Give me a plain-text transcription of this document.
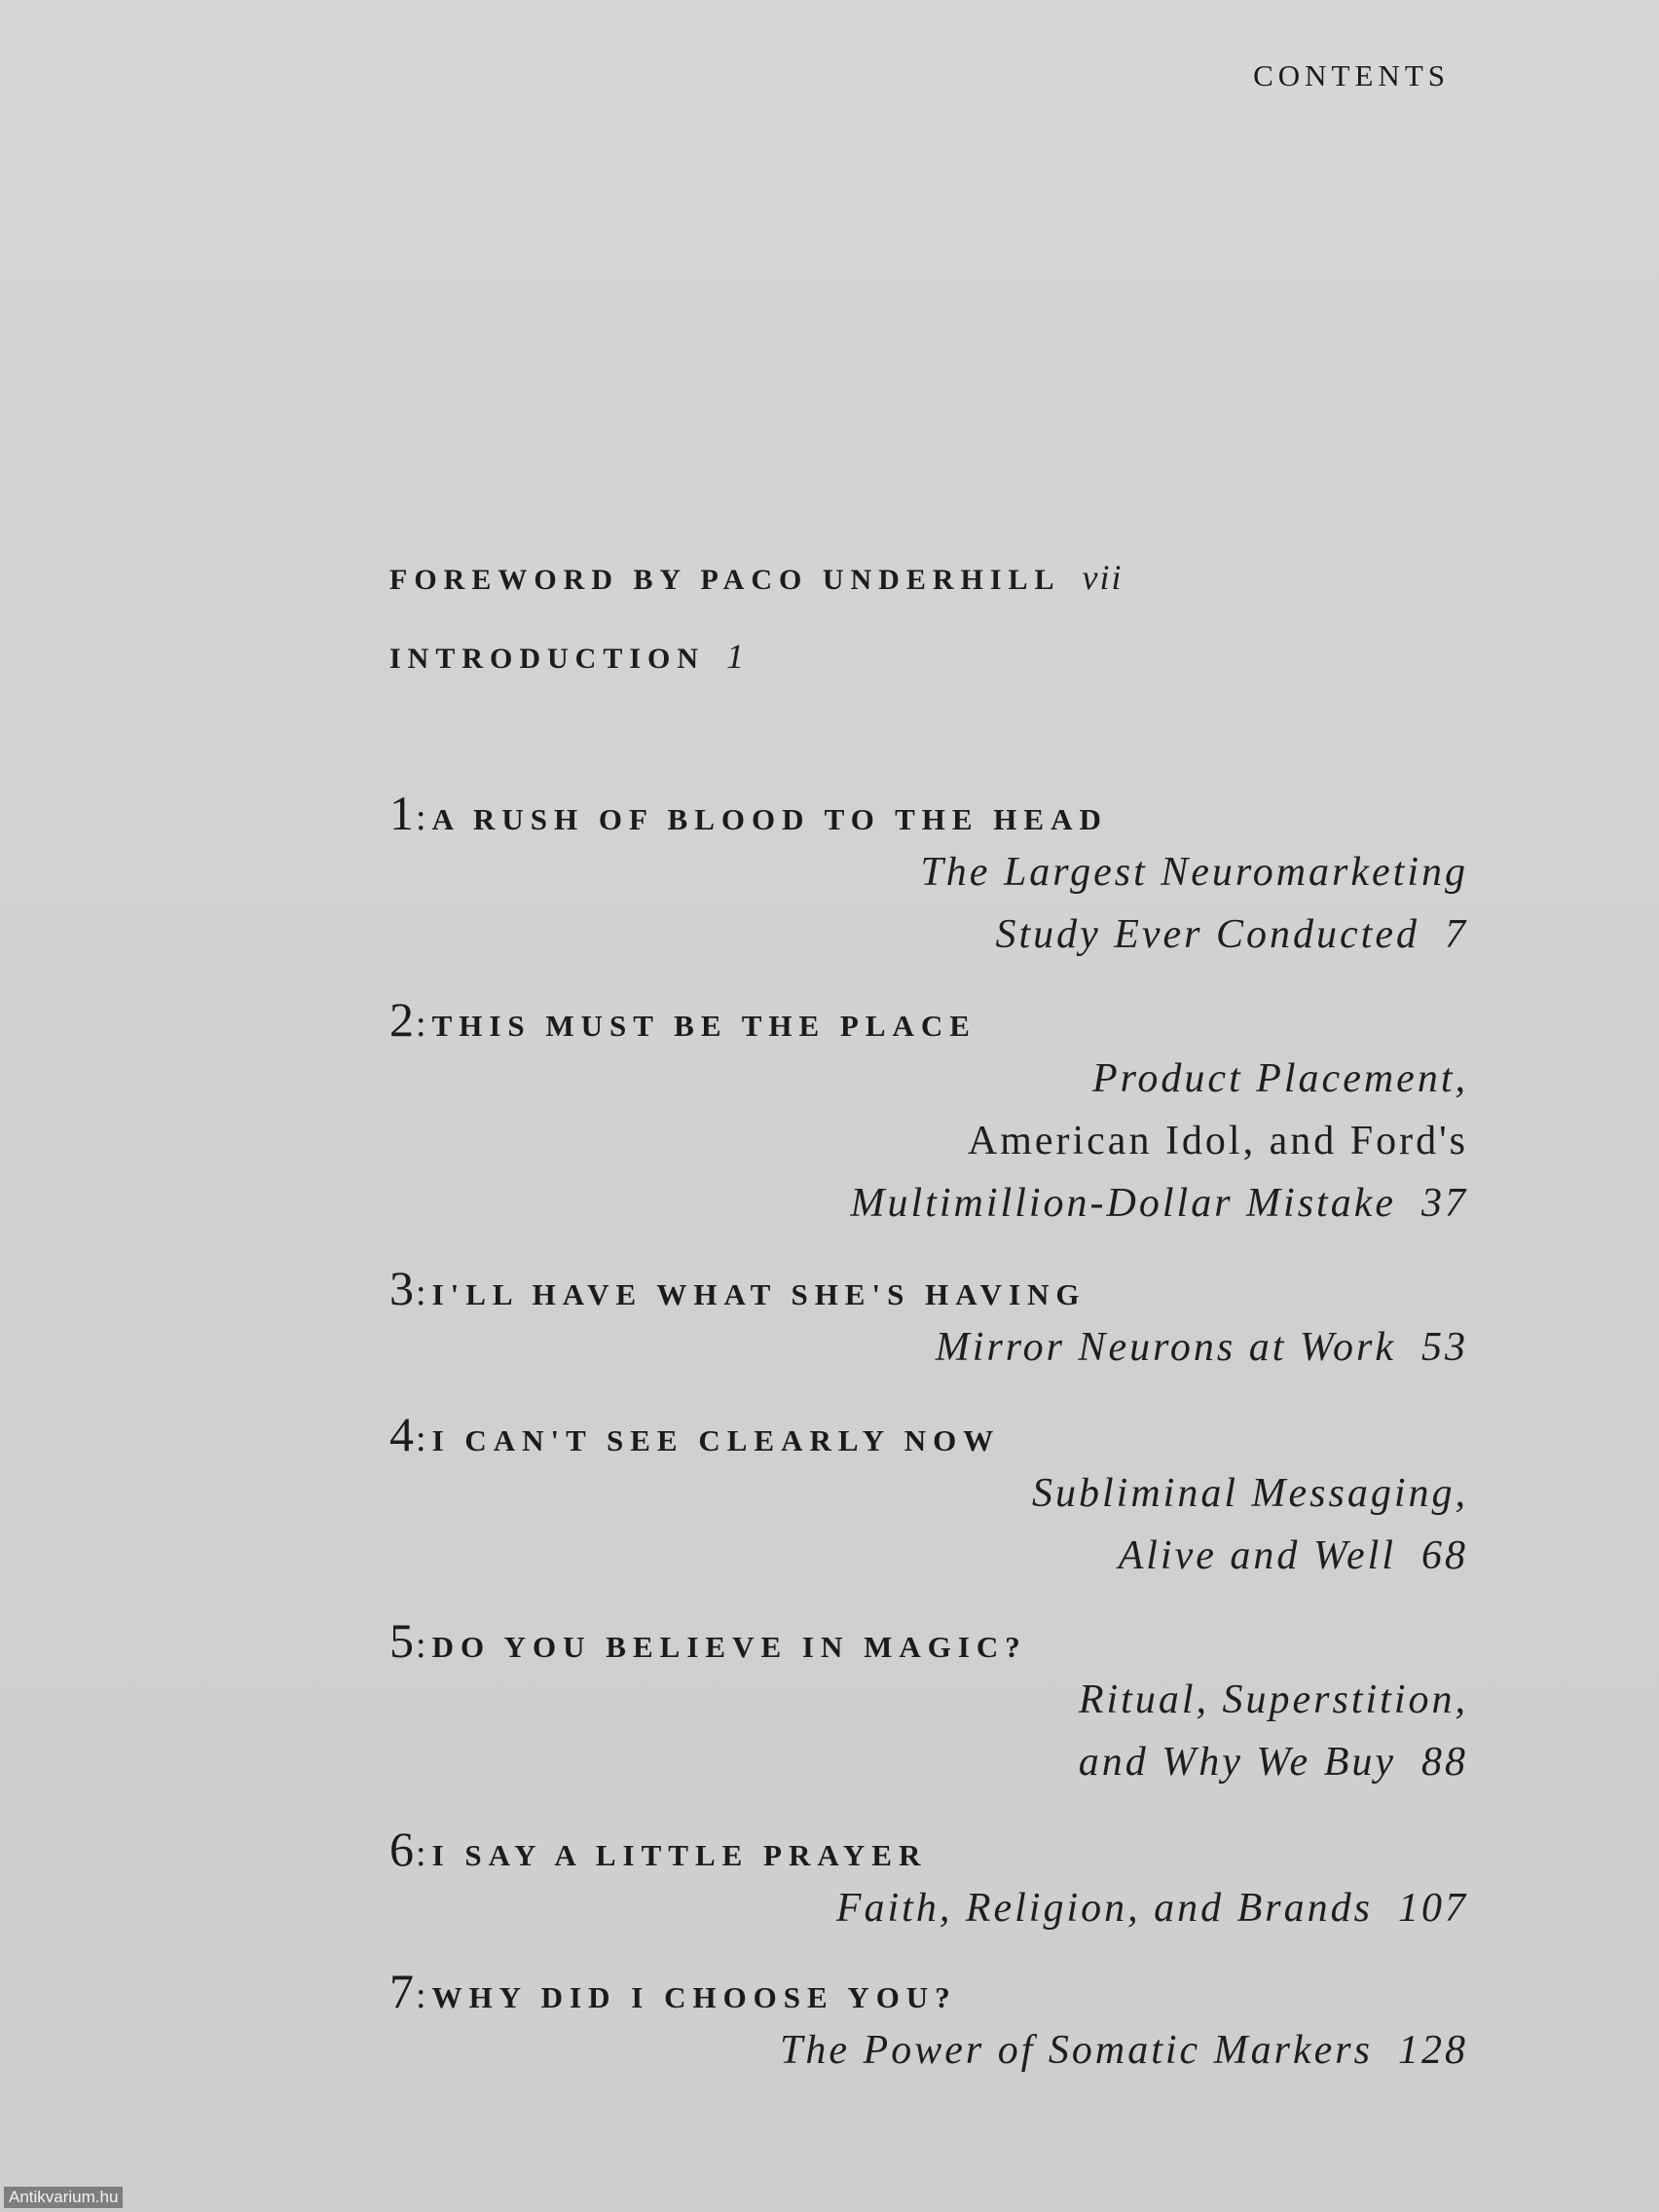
CONTENTS
FOREWORD BY PACO UNDERHILL vii
INTRODUCTION 1
1: A RUSH OF BLOOD TO THE HEAD
The Largest Neuromarketing
Study Ever Conducted 7
2: THIS MUST BE THE PLACE
Product Placement,
American Idol, and Ford's
Multimillion-Dollar Mistake 37
3: I'LL HAVE WHAT SHE'S HAVING
Mirror Neurons at Work 53
4: I CAN'T SEE CLEARLY NOW
Subliminal Messaging,
Alive and Well 68
5: DO YOU BELIEVE IN MAGIC?
Ritual, Superstition,
and Why We Buy 88
6: I SAY A LITTLE PRAYER
Faith, Religion, and Brands 107
7: WHY DID I CHOOSE YOU?
The Power of Somatic Markers 128
Antikvarium.hu
